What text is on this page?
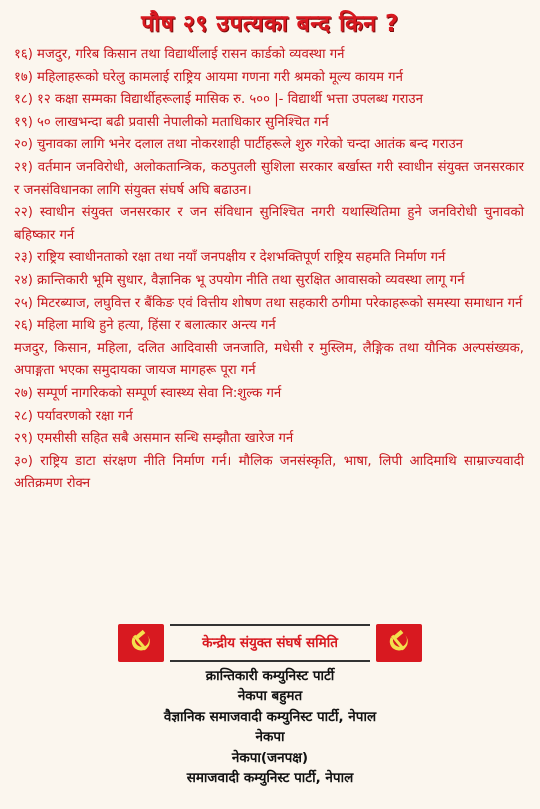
पौष २९ उपत्यका बन्द किन ?

१६) मजदुर, गरिब किसान तथा विद्यार्थीलाई रासन कार्डको व्यवस्था गर्न

१७) महिलाहरूको घरेलु कामलाई राष्ट्रिय आयमा गणना गरी श्रमको मूल्य कायम गर्न

१८) १२ कक्षा सम्मका विद्यार्थीहरूलाई मासिक रु. ५०० |- विद्यार्थी भत्ता उपलब्ध गराउन

१९) ५० लाखभन्दा बढी प्रवासी नेपालीको मताधिकार सुनिश्चित गर्न

२०) चुनावका लागि भनेर दलाल तथा नोकरशाही पार्टीहरूले शुरु गरेको चन्दा आतंक बन्द गराउन

२१) वर्तमान जनविरोधी, अलोकतान्त्रिक, कठपुतली सुशिला सरकार बर्खास्त गरी स्वाधीन संयुक्त जनसरकार र जनसंविधानका लागि संयुक्त संघर्ष अघि बढाउन।

२२) स्वाधीन संयुक्त जनसरकार र जन संविधान सुनिश्चित नगरी यथास्थितिमा हुने जनविरोधी चुनावको बहिष्कार गर्न

२३) राष्ट्रिय स्वाधीनताको रक्षा तथा नयाँ जनपक्षीय र देशभक्तिपूर्ण राष्ट्रिय सहमति निर्माण गर्न

२४) क्रान्तिकारी भूमि सुधार, वैज्ञानिक भू उपयोग नीति तथा सुरक्षित आवासको व्यवस्था लागू गर्न

२५) मिटरब्याज, लघुवित्त र बैंकिङ एवं वित्तीय शोषण तथा सहकारी ठगीमा परेकाहरूको समस्या समाधान गर्न

२६) महिला माथि हुने हत्या, हिंसा र बलात्कार अन्त्य गर्न

मजदुर, किसान, महिला, दलित आदिवासी जनजाति, मधेसी र मुस्लिम, लैङ्गिक तथा यौनिक अल्पसंख्यक, अपाङ्गता भएका समुदायका जायज मागहरू पूरा गर्न

२७) सम्पूर्ण नागरिकको सम्पूर्ण स्वास्थ्य सेवा नि:शुल्क गर्न

२८) पर्यावरणको रक्षा गर्न

२९) एमसीसी सहित सबै असमान सन्धि सम्झौता खारेज गर्न

३०) राष्ट्रिय डाटा संरक्षण नीति निर्माण गर्न। मौलिक जनसंस्कृति, भाषा, लिपी आदिमाथि साम्राज्यवादी अतिक्रमण रोक्न

केन्द्रीय संयुक्त संघर्ष समिति

क्रान्तिकारी कम्युनिस्ट पार्टी

नेकपा बहुमत

वैज्ञानिक समाजवादी कम्युनिस्ट पार्टी, नेपाल

नेकपा

नेकपा(जनपक्ष)

समाजवादी कम्युनिस्ट पार्टी, नेपाल
